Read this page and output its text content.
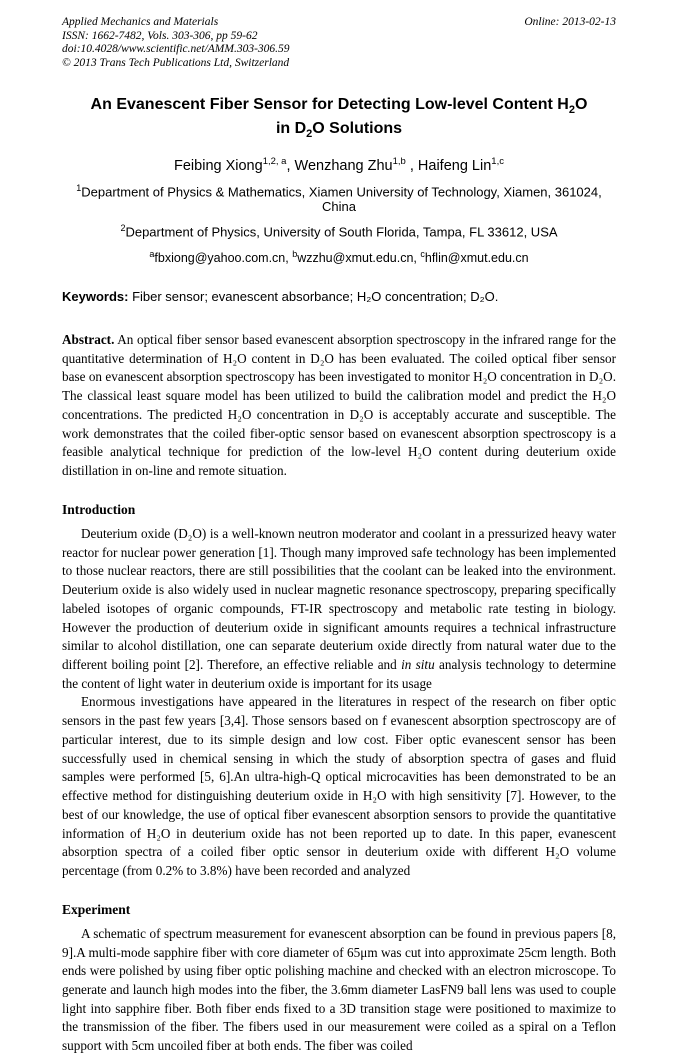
Applied Mechanics and Materials
ISSN: 1662-7482, Vols. 303-306, pp 59-62
doi:10.4028/www.scientific.net/AMM.303-306.59
© 2013 Trans Tech Publications Ltd, Switzerland
Online: 2013-02-13
An Evanescent Fiber Sensor for Detecting Low-level Content $H_2O$ in $D_2O$ Solutions
Feibing Xiong$^{1,2, a}$, Wenzhang Zhu$^{1,b}$ , Haifeng Lin$^{1,c}$
$^1$Department of Physics & Mathematics, Xiamen University of Technology, Xiamen, 361024, China
$^2$Department of Physics, University of South Florida, Tampa, FL 33612, USA
$^a$fbxiong@yahoo.com.cn, $^b$wzzhu@xmut.edu.cn, $^c$hflin@xmut.edu.cn

Keywords: Fiber sensor; evanescent absorbance; H₂O concentration; D₂O.

Abstract. An optical fiber sensor based evanescent absorption spectroscopy in the infrared range for the quantitative determination of H₂O content in D₂O has been evaluated. The coiled optical fiber sensor base on evanescent absorption spectroscopy has been investigated to monitor H₂O concentration in D₂O. The classical least square model has been utilized to build the calibration model and predict the H₂O concentrations. The predicted H₂O concentration in D₂O is acceptably accurate and susceptible. The work demonstrates that the coiled fiber-optic sensor based on evanescent absorption spectroscopy is a feasible analytical technique for prediction of the low-level H₂O content during deuterium oxide distillation in on-line and remote situation.

Introduction

Deuterium oxide (D₂O) is a well-known neutron moderator and coolant in a pressurized heavy water reactor for nuclear power generation [1]. Though many improved safe technology has been implemented to those nuclear reactors, there are still possibilities that the coolant can be leaked into the environment. Deuterium oxide is also widely used in nuclear magnetic resonance spectroscopy, preparing specifically labeled isotopes of organic compounds, FT-IR spectroscopy and metabolic rate testing in biology. However the production of deuterium oxide in significant amounts requires a technical infrastructure similar to alcohol distillation, one can separate deuterium oxide directly from natural water due to the different boiling point [2]. Therefore, an effective reliable and in situ analysis technology to determine the content of light water in deuterium oxide is important for its usage

Enormous investigations have appeared in the literatures in respect of the research on fiber optic sensors in the past few years [3,4]. Those sensors based on f evanescent absorption spectroscopy are of particular interest, due to its simple design and low cost. Fiber optic evanescent sensor has been successfully used in chemical sensing in which the study of absorption spectra of gases and fluid samples were performed [5, 6].An ultra-high-Q optical microcavities has been demonstrated to be an effective method for distinguishing deuterium oxide in H₂O with high sensitivity [7]. However, to the best of our knowledge, the use of optical fiber evanescent absorption sensors to provide the quantitative information of H₂O in deuterium oxide has not been reported up to date. In this paper, evanescent absorption spectra of a coiled fiber optic sensor in deuterium oxide with different H₂O volume percentage (from 0.2% to 3.8%) have been recorded and analyzed

Experiment

A schematic of spectrum measurement for evanescent absorption can be found in previous papers [8, 9].A multi-mode sapphire fiber with core diameter of 65μm was cut into approximate 25cm length. Both ends were polished by using fiber optic polishing machine and checked with an electron microscope. To generate and launch high modes into the fiber, the 3.6mm diameter LasFN9 ball lens was used to couple light into sapphire fiber. Both fiber ends fixed to a 3D transition stage were positioned to maximize to the transmission of the fiber. The fibers used in our measurement were coiled as a spiral on a Teflon support with 5cm uncoiled fiber at both ends. The fiber was coiled
